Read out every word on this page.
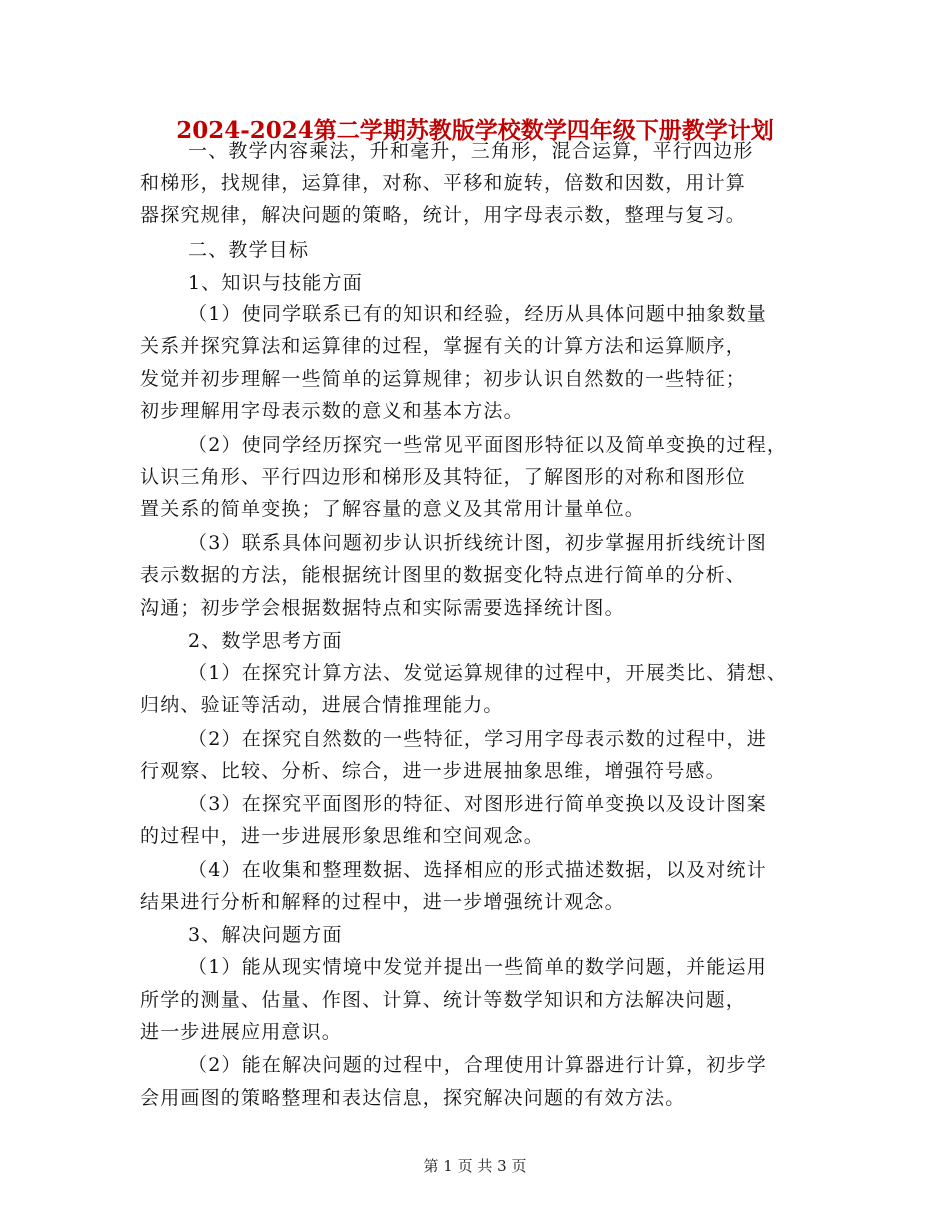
2024-2024第二学期苏教版学校数学四年级下册教学计划
一、教学内容乘法，升和毫升，三角形，混合运算，平行四边形
和梯形，找规律，运算律，对称、平移和旋转，倍数和因数，用计算
器探究规律，解决问题的策略，统计，用字母表示数，整理与复习。
二、教学目标
1、知识与技能方面
（1）使同学联系已有的知识和经验，经历从具体问题中抽象数量
关系并探究算法和运算律的过程，掌握有关的计算方法和运算顺序，
发觉并初步理解一些简单的运算规律；初步认识自然数的一些特征；
初步理解用字母表示数的意义和基本方法。
（2）使同学经历探究一些常见平面图形特征以及简单变换的过程，
认识三角形、平行四边形和梯形及其特征，了解图形的对称和图形位
置关系的简单变换；了解容量的意义及其常用计量单位。
（3）联系具体问题初步认识折线统计图，初步掌握用折线统计图
表示数据的方法，能根据统计图里的数据变化特点进行简单的分析、
沟通；初步学会根据数据特点和实际需要选择统计图。
2、数学思考方面
（1）在探究计算方法、发觉运算规律的过程中，开展类比、猜想、
归纳、验证等活动，进展合情推理能力。
（2）在探究自然数的一些特征，学习用字母表示数的过程中，进
行观察、比较、分析、综合，进一步进展抽象思维，增强符号感。
（3）在探究平面图形的特征、对图形进行简单变换以及设计图案
的过程中，进一步进展形象思维和空间观念。
（4）在收集和整理数据、选择相应的形式描述数据，以及对统计
结果进行分析和解释的过程中，进一步增强统计观念。
3、解决问题方面
（1）能从现实情境中发觉并提出一些简单的数学问题，并能运用
所学的测量、估量、作图、计算、统计等数学知识和方法解决问题，
进一步进展应用意识。
（2）能在解决问题的过程中，合理使用计算器进行计算，初步学
会用画图的策略整理和表达信息，探究解决问题的有效方法。
第 1 页 共 3 页
